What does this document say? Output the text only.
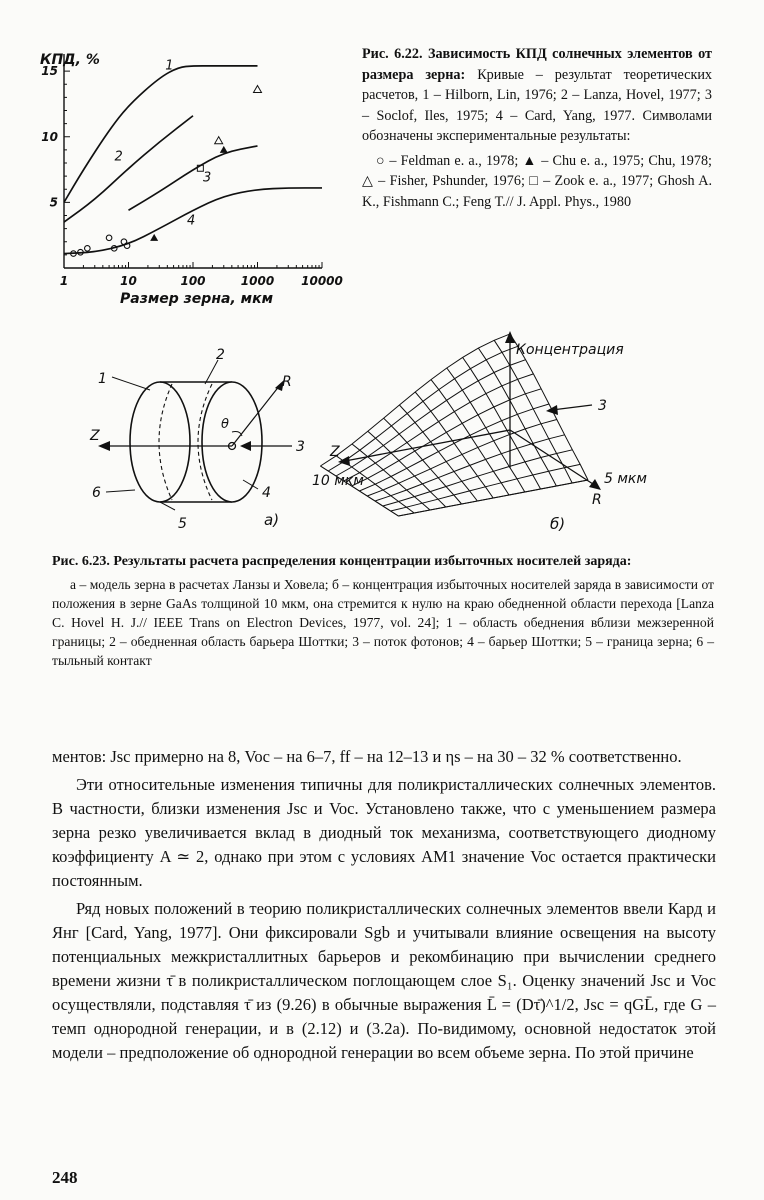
1	10	100	1000 10000
5
10
15	1
2
3
4
КПД, %
Размер зерна, мкм
1
2
3
4
5
6
Z
R
θ
а)
Концентрация
Z
10 мкм	5 мкм
R
3
б)

Рис. 6.22. Зависимость КПД солнечных элементов от размера зерна: Кривые – результат теоретических расчетов, 1 – Hilborn, Lin, 1976; 2 – Lanza, Hovel, 1977; 3 – Soclof, Iles, 1975; 4 – Card, Yang, 1977. Символами обозначены экспериментальные результаты:

○ – Feldman e. a., 1978; ▲ – Chu e. a., 1975; Chu, 1978; △ – Fisher, Pshunder, 1976; □ – Zook e. a., 1977; Ghosh A. K., Fishmann C.; Feng T.// J. Appl. Phys., 1980

Рис. 6.23. Результаты расчета распределения концентрации избыточных носителей заряда:

а – модель зерна в расчетах Ланзы и Ховела; б – концентрация избыточных носителей заряда в зависимости от положения в зерне GaAs толщиной 10 мкм, она стремится к нулю на краю обедненной области перехода [Lanza C. Hovel H. J.// IEEE Trans on Electron Devices, 1977, vol. 24]; 1 – область обеднения вблизи межзеренной границы; 2 – обедненная область барьера Шоттки; 3 – поток фотонов; 4 – барьер Шоттки; 5 – граница зерна; 6 – тыльный контакт

ментов: Jsc примерно на 8, Voc – на 6–7, ff – на 12–13 и ηs – на 30 – 32 % соответственно.

Эти относительные изменения типичны для поликристаллических солнечных элементов. В частности, близки изменения Jsc и Voc. Установлено также, что с уменьшением размера зерна резко увеличивается вклад в диодный ток механизма, соответствующего диодному коэффициенту A ≃ 2, однако при этом с условиях AM1 значение Voc остается практически постоянным.

Ряд новых положений в теорию поликристаллических солнечных элементов ввели Кард и Янг [Card, Yang, 1977]. Они фиксировали Sgb и учитывали влияние освещения на высоту потенциальных межкристаллитных барьеров и рекомбинацию при вычислении среднего времени жизни τ̄ в поликристаллическом поглощающем слое S₁. Оценку значений Jsc и Voc осуществляли, подставляя τ̄ из (9.26) в обычные выражения L̄ = (Dτ̄)^1/2, Jsc = qGL̄, где G – темп однородной генерации, и в (2.12) и (3.2а). По-видимому, основной недостаток этой модели – предположение об однородной генерации во всем объеме зерна. По этой причине

248
